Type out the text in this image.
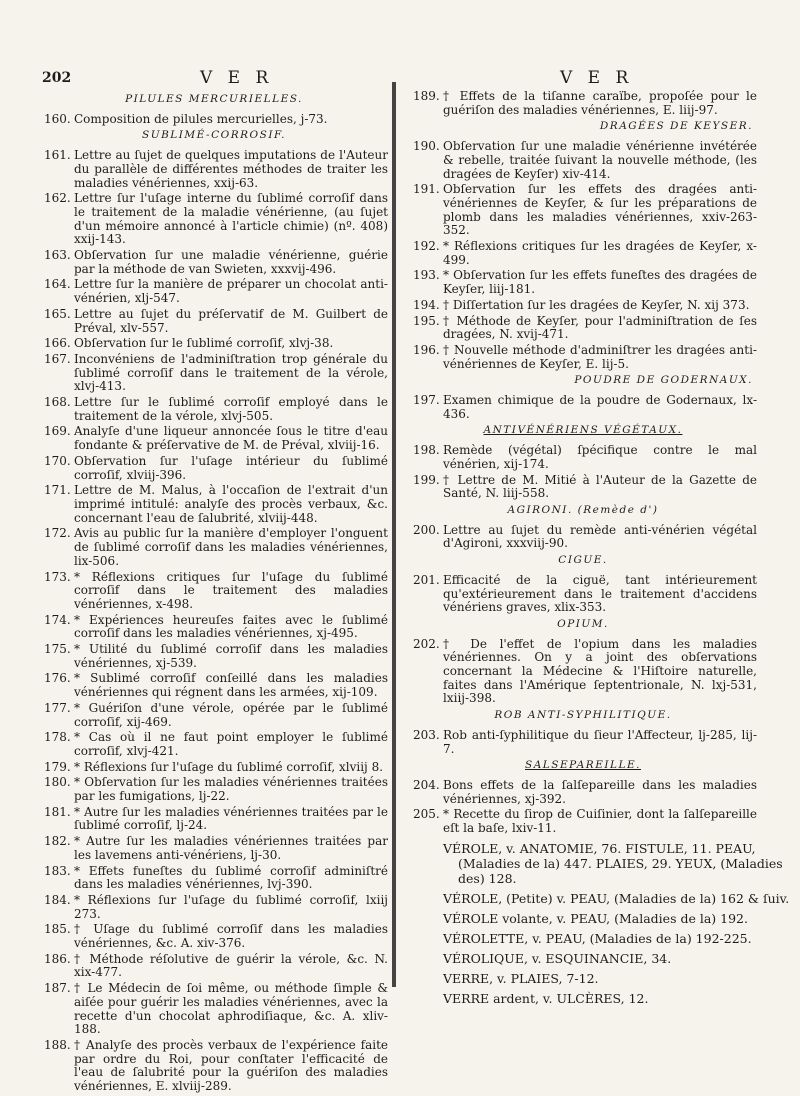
202	V E R	V E R
PILULES MERCURIELLES.
160. Composition de pilules mercurielles, j-73.
SUBLIMÉ-CORROSIF.
161. Lettre au ſujet de quelques imputations de l'Auteur du parallèle de différentes méthodes de traiter les maladies vénériennes, xxij-63.
162. Lettre ſur l'uſage interne du ſublimé corroſif dans le traitement de la maladie vénérienne, (au ſujet d'un mémoire annoncé à l'article chimie) (nº. 408) xxij-143.
163. Obſervation ſur une maladie vénérienne, guérie par la méthode de van Swieten, xxxvij-496.
164. Lettre ſur la manière de préparer un chocolat anti-vénérien, xlj-547.
165. Lettre au ſujet du préſervatif de M. Guilbert de Préval, xlv-557.
166. Obſervation ſur le ſublimé corroſif, xlvj-38.
167. Inconvéniens de l'adminiſtration trop générale du ſublimé corroſif dans le traitement de la vérole, xlvj-413.
168. Lettre ſur le ſublimé corroſif employé dans le traitement de la vérole, xlvj-505.
169. Analyſe d'une liqueur annoncée ſous le titre d'eau fondante & préſervative de M. de Préval, xlviij-16.
170. Obſervation ſur l'uſage intérieur du ſublimé corroſif, xlviij-396.
171. Lettre de M. Malus, à l'occaſion de l'extrait d'un imprimé intitulé: analyſe des procès verbaux, &c. concernant l'eau de ſalubrité, xlviij-448.
172. Avis au public ſur la manière d'employer l'onguent de ſublimé corroſif dans les maladies vénériennes, lix-506.
173. * Réflexions critiques ſur l'uſage du ſublimé corroſif dans le traitement des maladies vénériennes, x-498.
174. * Expériences heureuſes faites avec le ſublimé corroſif dans les maladies vénériennes, xj-495.
175. * Utilité du ſublimé corroſif dans les maladies vénériennes, xj-539.
176. * Sublimé corroſif conſeillé dans les maladies vénériennes qui régnent dans les armées, xij-109.
177. * Guériſon d'une vérole, opérée par le ſublimé corroſif, xij-469.
178. * Cas où il ne faut point employer le ſublimé corroſif, xlvj-421.
179. * Réflexions ſur l'uſage du ſublimé corroſif, xlviij 8.
180. * Obſervation ſur les maladies vénériennes traitées par les fumigations, lj-22.
181. * Autre ſur les maladies vénériennes traitées par le ſublimé corroſif, lj-24.
182. * Autre ſur les maladies vénériennes traitées par les lavemens anti-vénériens, lj-30.
183. * Effets funeſtes du ſublimé corroſif adminiſtré dans les maladies vénériennes, lvj-390.
184. * Réflexions ſur l'uſage du ſublimé corroſif, lxiij 273.
185. † Uſage du ſublimé corroſif dans les maladies vénériennes, &c. A. xiv-376.
186. † Méthode réſolutive de guérir la vérole, &c. N. xix-477.
187. † Le Médecin de ſoi même, ou méthode ſimple & aiſée pour guérir les maladies vénériennes, avec la recette d'un chocolat aphrodiſiaque, &c. A. xliv-188.
188. † Analyſe des procès verbaux de l'expérience faite par ordre du Roi, pour conſtater l'efficacité de l'eau de ſalubrité pour la guériſon des maladies vénériennes, E. xlviij-289.
189. † Effets de la tiſanne caraïbe, propoſée pour le guériſon des maladies vénériennes, E. liij-97.
DRAGÉES DE KEYSER.
190. Obſervation ſur une maladie vénérienne invétérée & rebelle, traitée ſuivant la nouvelle méthode, (les dragées de Keyſer) xiv-414.
191. Obſervation ſur les effets des dragées anti-vénériennes de Keyſer, & ſur les préparations de plomb dans les maladies vénériennes, xxiv-263-352.
192. * Réflexions critiques ſur les dragées de Keyſer, x-499.
193. * Obſervation ſur les effets funeſtes des dragées de Keyſer, liij-181.
194. † Diſſertation ſur les dragées de Keyſer, N. xij 373.
195. † Méthode de Keyſer, pour l'adminiſtration de ſes dragées, N. xvij-471.
196. † Nouvelle méthode d'adminiſtrer les dragées anti-vénériennes de Keyſer, E. lij-5.
POUDRE DE GODERNAUX.
197. Examen chimique de la poudre de Godernaux, lx-436.
ANTIVÉNÉRIENS VÉGÉTAUX.
198. Remède (végétal) ſpécifique contre le mal vénérien, xij-174.
199. † Lettre de M. Mitié à l'Auteur de la Gazette de Santé, N. liij-558.
AGIRONI. (Remède d')
200. Lettre au ſujet du remède anti-vénérien végétal d'Agironi, xxxviij-90.
CIGUE.
201. Efficacité de la ciguë, tant intérieurement qu'extérieurement dans le traitement d'accidens vénériens graves, xlix-353.
OPIUM.
202. † De l'effet de l'opium dans les maladies vénériennes. On y a joint des obſervations concernant la Médecine & l'Hiſtoire naturelle, faites dans l'Amérique ſeptentrionale, N. lxj-531, lxiij-398.
ROB ANTI-SYPHILITIQUE.
203. Rob anti-ſyphilitique du ſieur l'Affecteur, lj-285, lij-7.
SALSEPAREILLE.
204. Bons effets de la ſalſepareille dans les maladies vénériennes, xj-392.
205. * Recette du ſirop de Cuiſinier, dont la ſalſepareille eſt la baſe, lxiv-11.
VÉROLE, v. ANATOMIE, 76. FISTULE, 11. PEAU, (Maladies de la) 447. PLAIES, 29. YEUX, (Maladies des) 128.
VÉROLE, (Petite) v. PEAU, (Maladies de la) 162 & ſuiv.
VÉROLE volante, v. PEAU, (Maladies de la) 192.
VÉROLETTE, v. PEAU, (Maladies de la) 192-225.
VÉROLIQUE, v. ESQUINANCIE, 34.
VERRE, v. PLAIES, 7-12.
VERRE ardent, v. ULCÈRES, 12.
